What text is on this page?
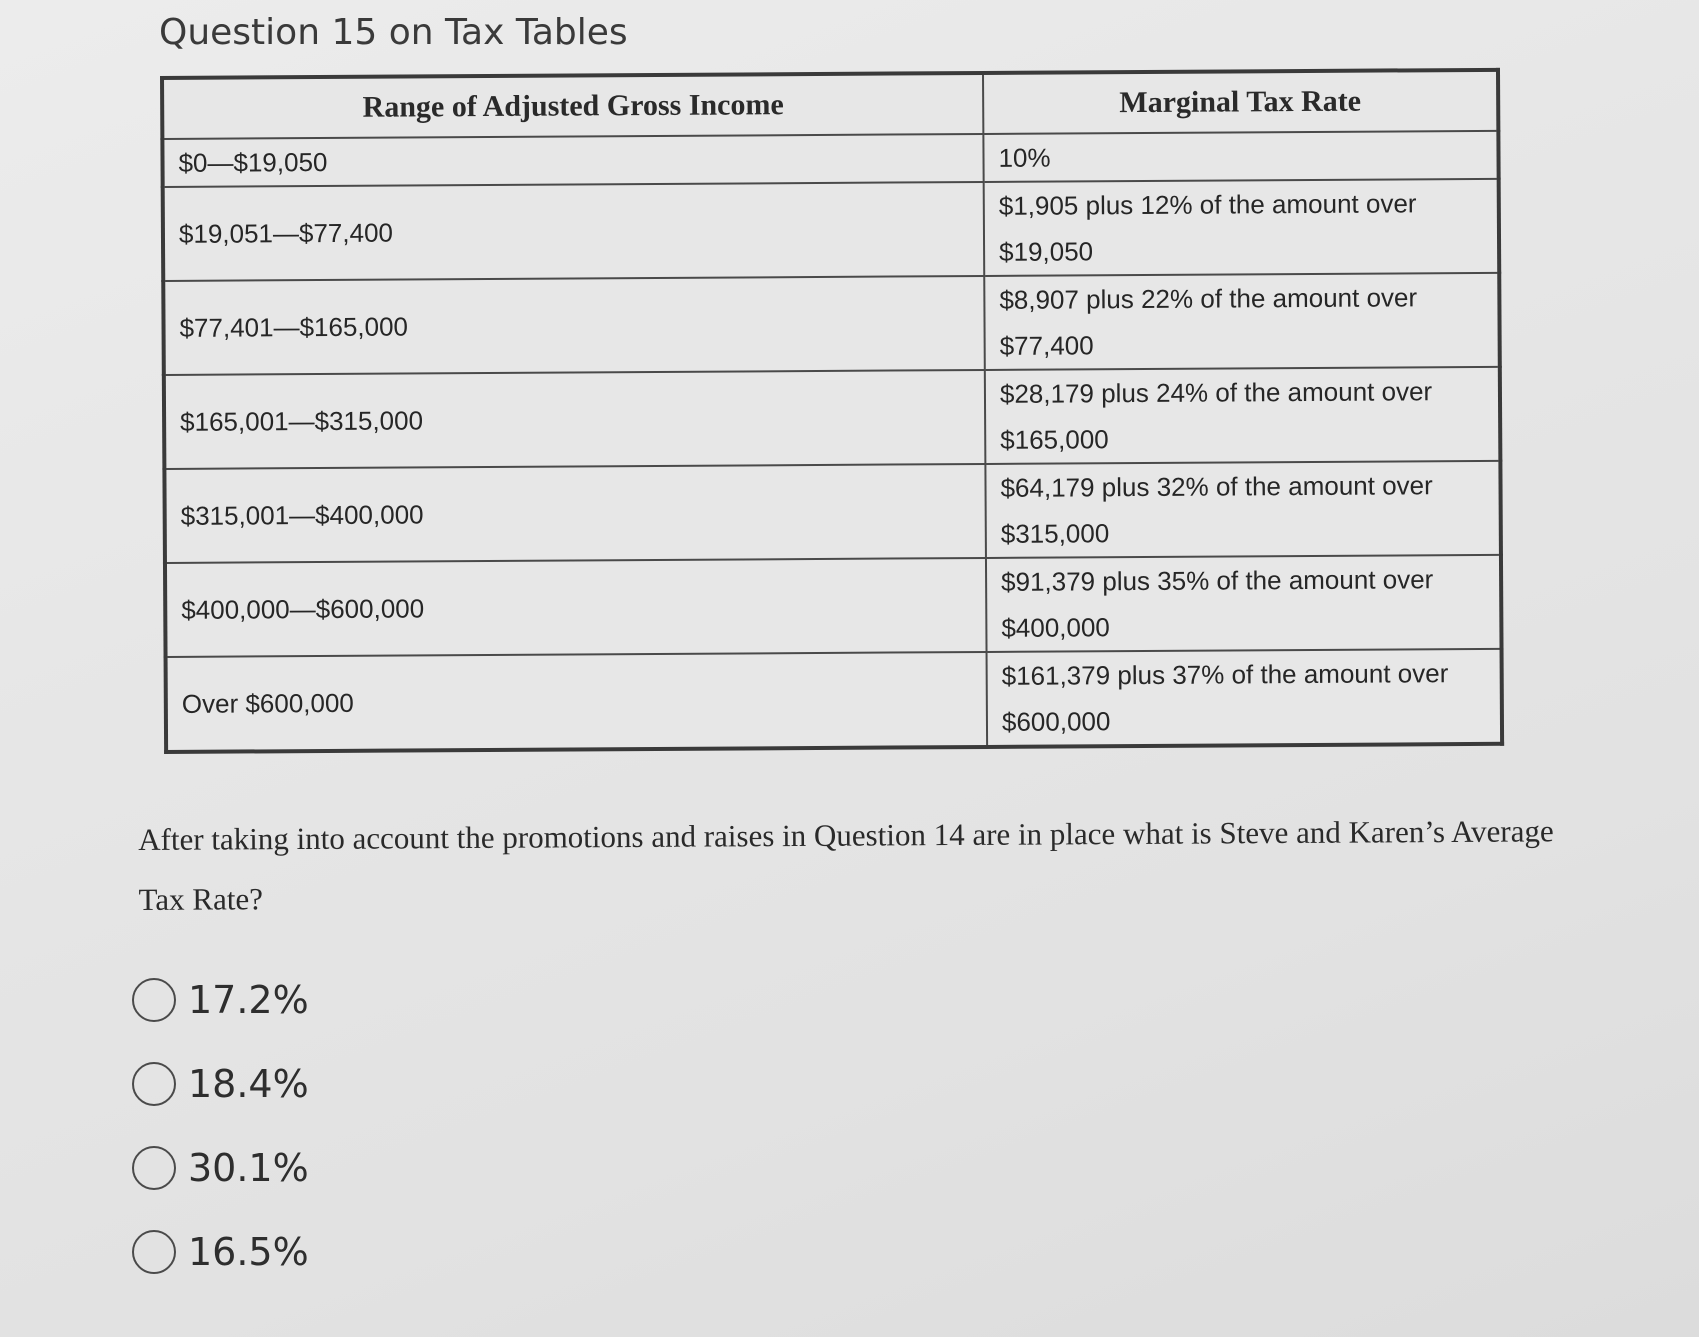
Question 15 on Tax Tables
Range of Adjusted Gross Income	Marginal Tax Rate
$0—$19,050	10%
$19,051—$77,400	$1,905 plus 12% of the amount over $19,050
$77,401—$165,000	$8,907 plus 22% of the amount over $77,400
$165,001—$315,000	$28,179 plus 24% of the amount over $165,000
$315,001—$400,000	$64,179 plus 32% of the amount over $315,000
$400,000—$600,000	$91,379 plus 35% of the amount over $400,000
Over $600,000	$161,379 plus 37% of the amount over $600,000

After taking into account the promotions and raises in Question 14 are in place what is Steve and Karen’s Average Tax Rate?

17.2%
18.4%
30.1%
16.5%
